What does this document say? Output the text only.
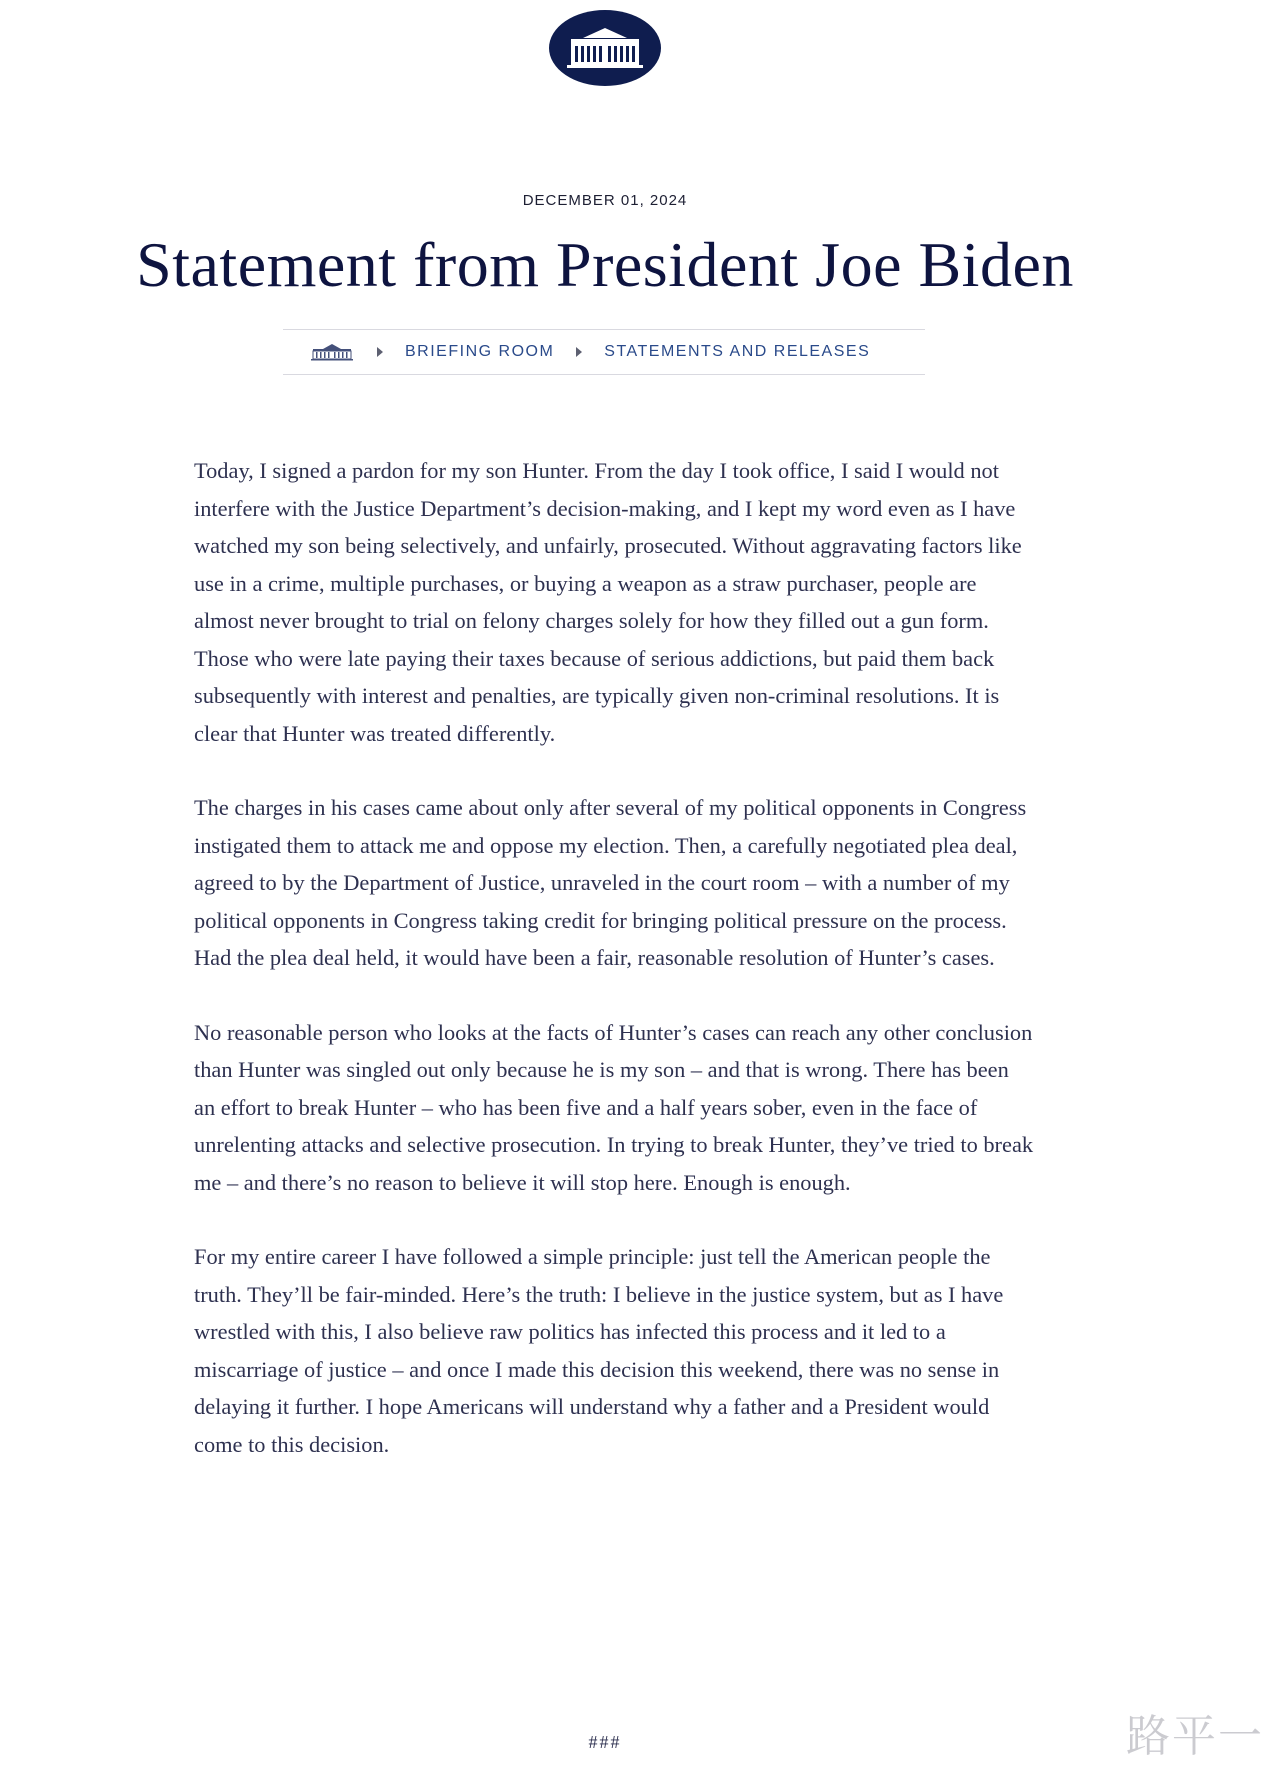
DECEMBER 01, 2024
Statement from President Joe Biden
BRIEFING ROOM	STATEMENTS AND RELEASES

Today, I signed a pardon for my son Hunter. From the day I took office, I said I would not interfere with the Justice Department’s decision-making, and I kept my word even as I have watched my son being selectively, and unfairly, prosecuted. Without aggravating factors like use in a crime, multiple purchases, or buying a weapon as a straw purchaser, people are almost never brought to trial on felony charges solely for how they filled out a gun form. Those who were late paying their taxes because of serious addictions, but paid them back subsequently with interest and penalties, are typically given non-criminal resolutions. It is clear that Hunter was treated differently.

The charges in his cases came about only after several of my political opponents in Congress instigated them to attack me and oppose my election. Then, a carefully negotiated plea deal, agreed to by the Department of Justice, unraveled in the court room – with a number of my political opponents in Congress taking credit for bringing political pressure on the process. Had the plea deal held, it would have been a fair, reasonable resolution of Hunter’s cases.

No reasonable person who looks at the facts of Hunter’s cases can reach any other conclusion than Hunter was singled out only because he is my son – and that is wrong. There has been an effort to break Hunter – who has been five and a half years sober, even in the face of unrelenting attacks and selective prosecution. In trying to break Hunter, they’ve tried to break me – and there’s no reason to believe it will stop here. Enough is enough.

For my entire career I have followed a simple principle: just tell the American people the truth. They’ll be fair-minded. Here’s the truth: I believe in the justice system, but as I have wrestled with this, I also believe raw politics has infected this process and it led to a miscarriage of justice – and once I made this decision this weekend, there was no sense in delaying it further. I hope Americans will understand why a father and a President would come to this decision.

###	路平一
